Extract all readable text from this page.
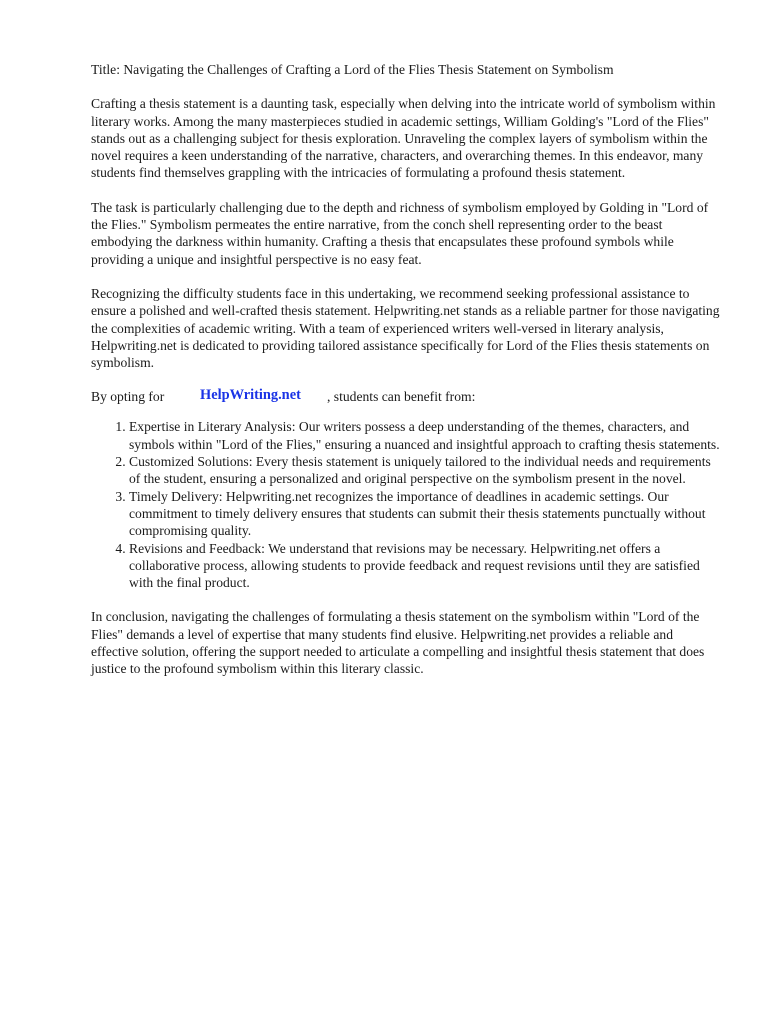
Title: Navigating the Challenges of Crafting a Lord of the Flies Thesis Statement on Symbolism

Crafting a thesis statement is a daunting task, especially when delving into the intricate world of symbolism within literary works. Among the many masterpieces studied in academic settings, William Golding's "Lord of the Flies" stands out as a challenging subject for thesis exploration. Unraveling the complex layers of symbolism within the novel requires a keen understanding of the narrative, characters, and overarching themes. In this endeavor, many students find themselves grappling with the intricacies of formulating a profound thesis statement.

The task is particularly challenging due to the depth and richness of symbolism employed by Golding in "Lord of the Flies." Symbolism permeates the entire narrative, from the conch shell representing order to the beast embodying the darkness within humanity. Crafting a thesis that encapsulates these profound symbols while providing a unique and insightful perspective is no easy feat.

Recognizing the difficulty students face in this undertaking, we recommend seeking professional assistance to ensure a polished and well-crafted thesis statement. Helpwriting.net stands as a reliable partner for those navigating the complexities of academic writing. With a team of experienced writers well-versed in literary analysis, Helpwriting.net is dedicated to providing tailored assistance specifically for Lord of the Flies thesis statements on symbolism.

By opting for HelpWriting.net , students can benefit from:
1. Expertise in Literary Analysis: Our writers possess a deep understanding of the themes, characters, and symbols within "Lord of the Flies," ensuring a nuanced and insightful approach to crafting thesis statements.
2. Customized Solutions: Every thesis statement is uniquely tailored to the individual needs and requirements of the student, ensuring a personalized and original perspective on the symbolism present in the novel.
3. Timely Delivery: Helpwriting.net recognizes the importance of deadlines in academic settings. Our commitment to timely delivery ensures that students can submit their thesis statements punctually without compromising quality.
4. Revisions and Feedback: We understand that revisions may be necessary. Helpwriting.net offers a collaborative process, allowing students to provide feedback and request revisions until they are satisfied with the final product.

In conclusion, navigating the challenges of formulating a thesis statement on the symbolism within "Lord of the Flies" demands a level of expertise that many students find elusive. Helpwriting.net provides a reliable and effective solution, offering the support needed to articulate a compelling and insightful thesis statement that does justice to the profound symbolism within this literary classic.
